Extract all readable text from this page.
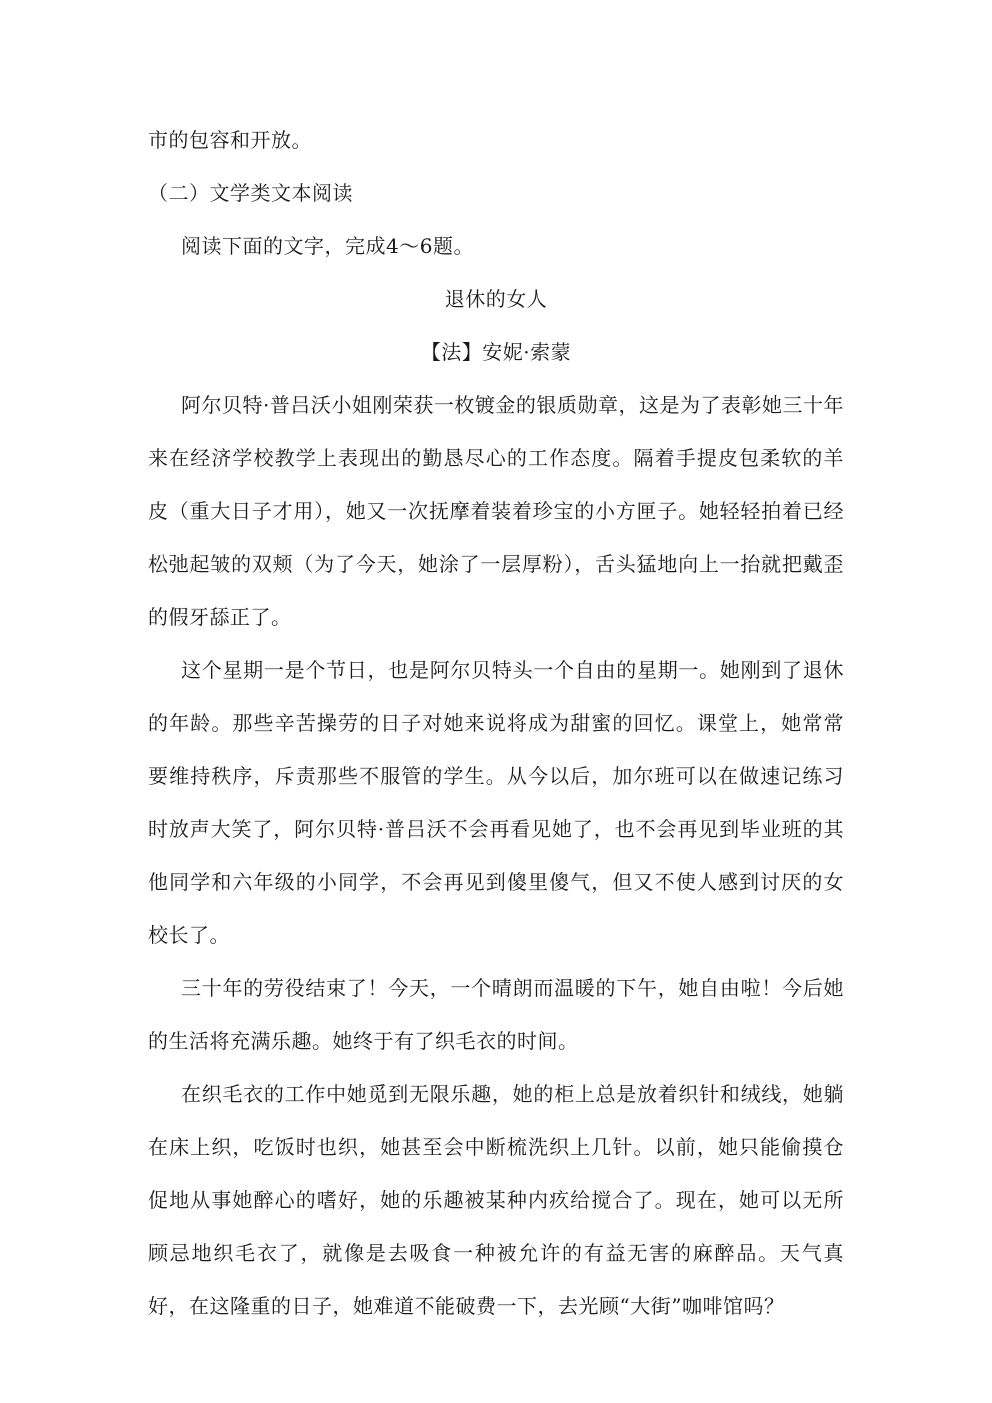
市的包容和开放。

（二）文学类文本阅读

阅读下面的文字，完成4～6题。

退休的女人

【法】安妮·索蒙

阿尔贝特·普吕沃小姐刚荣获一枚镀金的银质勋章，这是为了表彰她三十年来在经济学校教学上表现出的勤恳尽心的工作态度。隔着手提皮包柔软的羊皮（重大日子才用），她又一次抚摩着装着珍宝的小方匣子。她轻轻拍着已经松弛起皱的双颊（为了今天，她涂了一层厚粉），舌头猛地向上一抬就把戴歪的假牙舔正了。

这个星期一是个节日，也是阿尔贝特头一个自由的星期一。她刚到了退休的年龄。那些辛苦操劳的日子对她来说将成为甜蜜的回忆。课堂上，她常常要维持秩序，斥责那些不服管的学生。从今以后，加尔班可以在做速记练习时放声大笑了，阿尔贝特·普吕沃不会再看见她了，也不会再见到毕业班的其他同学和六年级的小同学，不会再见到傻里傻气，但又不使人感到讨厌的女校长了。

三十年的劳役结束了！今天，一个晴朗而温暖的下午，她自由啦！今后她的生活将充满乐趣。她终于有了织毛衣的时间。

在织毛衣的工作中她觅到无限乐趣，她的柜上总是放着织针和绒线，她躺在床上织，吃饭时也织，她甚至会中断梳洗织上几针。以前，她只能偷摸仓促地从事她醉心的嗜好，她的乐趣被某种内疚给搅合了。现在，她可以无所顾忌地织毛衣了，就像是去吸食一种被允许的有益无害的麻醉品。天气真好，在这隆重的日子，她难道不能破费一下，去光顾“大街”咖啡馆吗？
